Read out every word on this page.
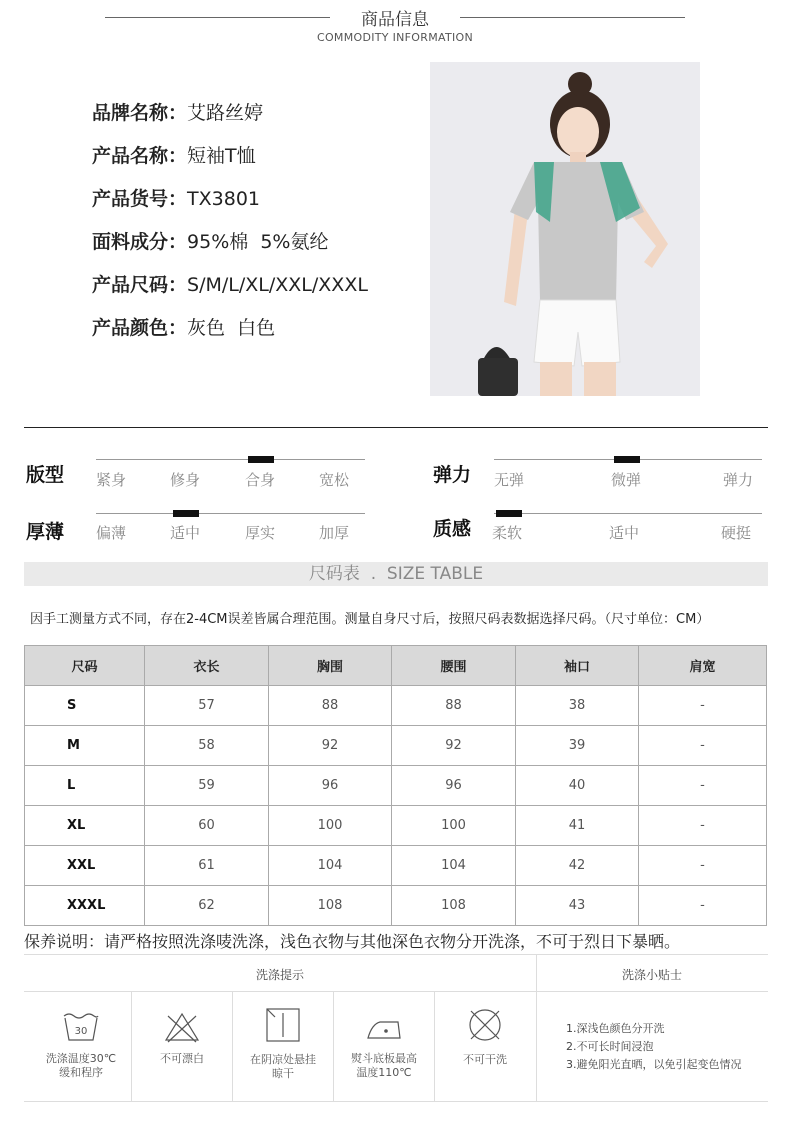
商品信息
COMMODITY INFORMATION
品牌名称：艾路丝婷
产品名称：短袖T恤
产品货号：TX3801
面料成分：95%棉  5%氨纶
产品尺码：S/M/L/XL/XXL/XXXL
产品颜色：灰色  白色
版型 紧身	修身	合身	宽松	弹力 无弹	微弹	弹力
厚薄 偏薄	适中	厚实	加厚	质感 柔软	适中	硬挺
尺码表  .  SIZE TABLE
因手工测量方式不同，存在2-4CM误差皆属合理范围。测量自身尺寸后，按照尺码表数据选择尺码。（尺寸单位：CM）
尺码	衣长	胸围	腰围	袖口	肩宽
S	57	88	88	38	-
M	58	92	92	39	-
L	59	96	96	40	-
XL	60	100	100	41	-
XXL	61	104	104	42	-
XXXL	62	108	108	43	-
保养说明：请严格按照洗涤唛洗涤，浅色衣物与其他深色衣物分开洗涤，不可于烈日下暴晒。
洗涤提示	洗涤小贴士
30
洗涤温度30℃
缓和程序
不可漂白	在阴凉处悬挂
晾干
熨斗底板最高
温度110℃
不可干洗

1.深浅色颜色分开洗
2.不可长时间浸泡
3.避免阳光直晒，以免引起变色情况
